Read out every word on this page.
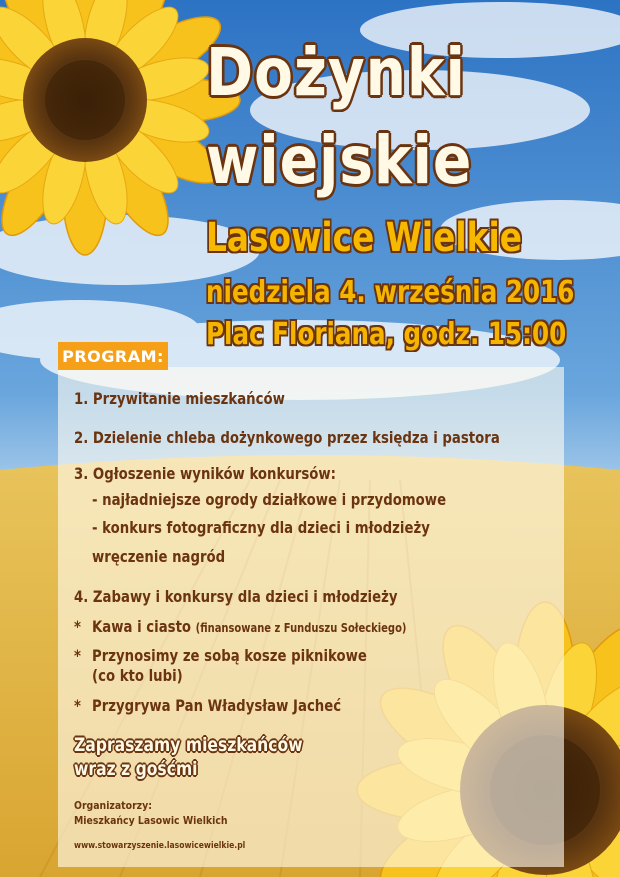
Dożynki
wiejskie
Lasowice Wielkie
niedziela 4. września 2016
Plac Floriana, godz. 15:00
PROGRAM:
1. Przywitanie mieszkańców
2. Dzielenie chleba dożynkowego przez księdza i pastora
3. Ogłoszenie wyników konkursów:
- najładniejsze ogrody działkowe i przydomowe
- konkurs fotograficzny dla dzieci i młodzieży
wręczenie nagród
4. Zabawy i konkursy dla dzieci i młodzieży
* Kawa i ciasto (finansowane z Funduszu Sołeckiego)
* Przynosimy ze sobą kosze piknikowe
(co kto lubi)
* Przygrywa Pan Władysław Jacheć
Zapraszamy mieszkańców
wraz z gośćmi
Organizatorzy:
Mieszkańcy Lasowic Wielkich
www.stowarzyszenie.lasowicewielkie.pl
